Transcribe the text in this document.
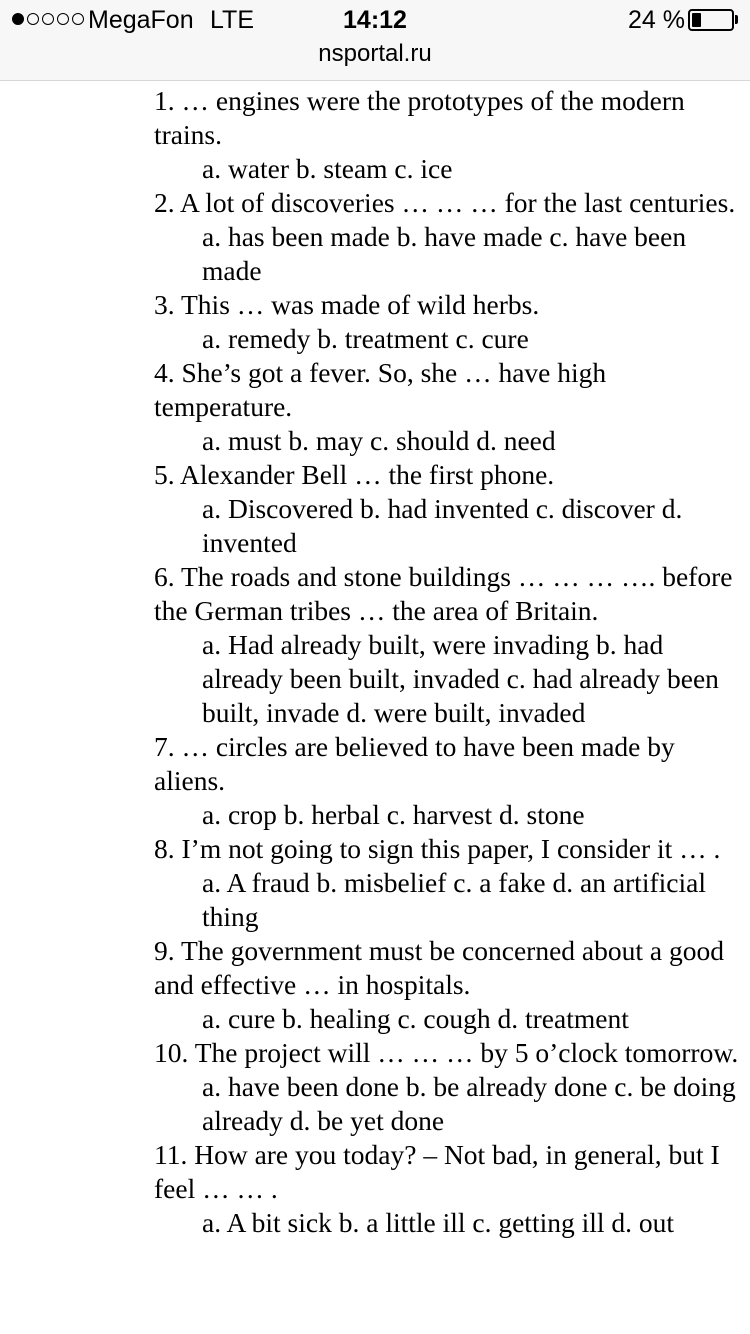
MegaFon LTE	14:12	24 %
nsportal.ru

1. … engines were the prototypes of the modern trains.

a. water b. steam c. ice

2. A lot of discoveries … … … for the last centuries.

a. has been made b. have made c. have been made

3. This … was made of wild herbs.

a. remedy b. treatment c. cure

4. She’s got a fever. So, she … have high temperature.

a. must b. may c. should d. need

5. Alexander Bell … the first phone.

a. Discovered b. had invented c. discover d. invented

6. The roads and stone buildings … … … …. before the German tribes … the area of Britain.

a. Had already built, were invading b. had already been built, invaded c. had already been built, invade d. were built, invaded

7. … circles are believed to have been made by aliens.

a. crop b. herbal c. harvest d. stone

8. I’m not going to sign this paper, I consider it … .

a. A fraud b. misbelief c. a fake d. an artificial thing

9. The government must be concerned about a good and effective … in hospitals.

a. cure b. healing c. cough d. treatment

10. The project will … … … by 5 o’clock tomorrow.

a. have been done b. be already done c. be doing already d. be yet done

11. How are you today? – Not bad, in general, but I feel … … .

a. A bit sick b. a little ill c. getting ill d. out
